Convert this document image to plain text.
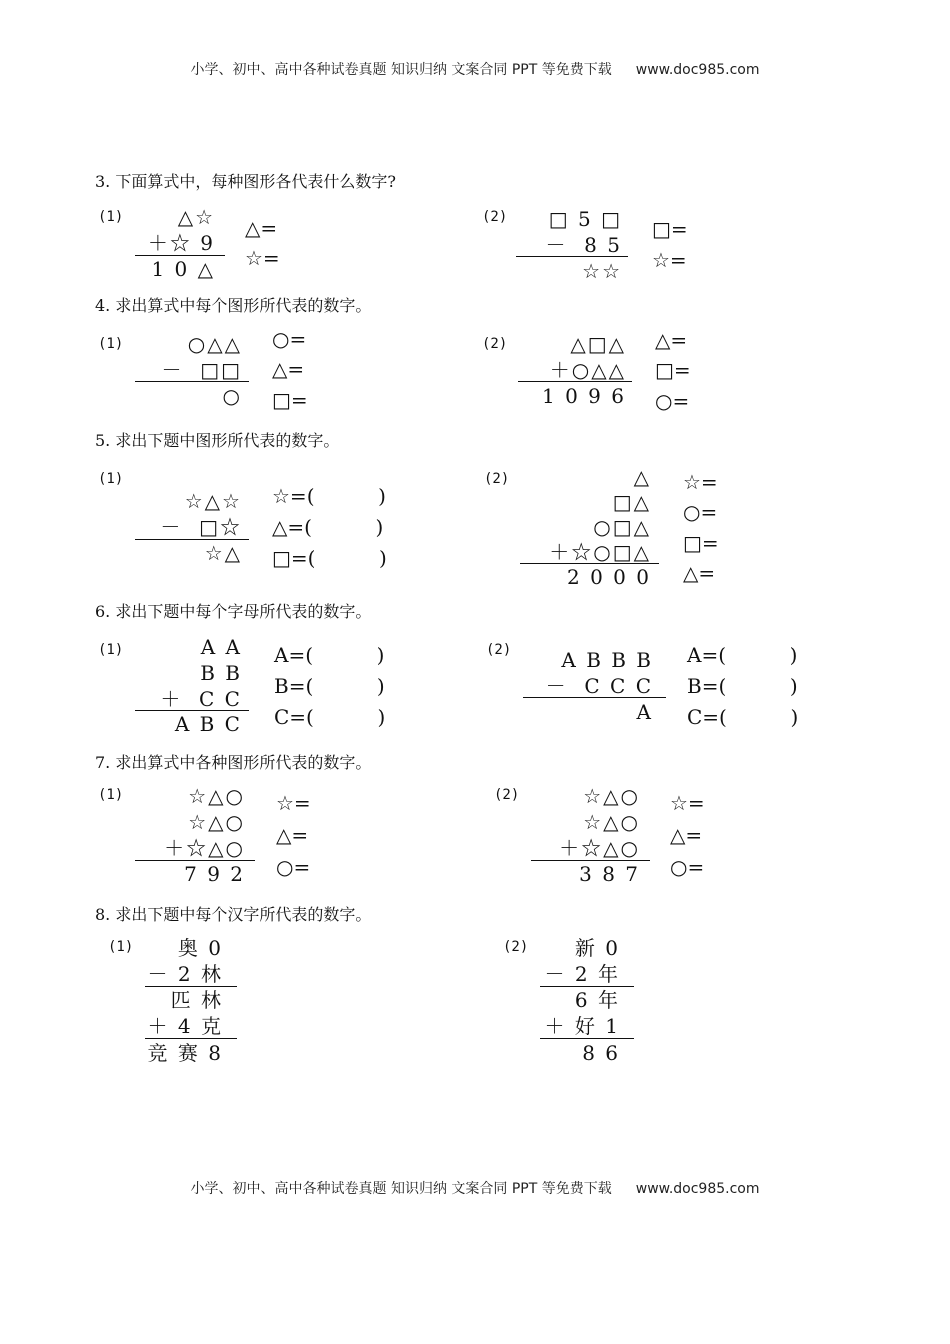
小学、初中、高中各种试卷真题 知识归纳 文案合同 PPT 等免费下载 www.doc985.com
3. 下面算式中，每种图形各代表什么数字?
(1)	△☆
＋☆ 9
1 0 △
△=
☆=
(2) □ 5 □
－  8 5
☆☆
□=
☆=
4. 求出算式中每个图形所代表的数字。
(1)	○△△
－  □□
○
○=
△=
□=
(2)	△□△
＋○△△
1 0 9 6
△=
□=
○=
5. 求出下题中图形所代表的数字。
(1)
☆△☆
－  □☆
☆△
☆=(          )
△=(          )
□=(          )
(2)	△
□△
○□△
＋☆○□△
2 0 0 0
☆=
○=
□=
△=
6. 求出下题中每个字母所代表的数字。
(1)	A A
B B
＋  C C
A B C
A=(          )
B=(          )
C=(          )
(2)	A B B B
－  C C C
A
A=(          )
B=(          )
C=(          )
7. 求出算式中各种图形所代表的数字。
(1)	☆△○
☆△○
＋☆△○
7 9 2
☆=
△=
○=
(2)	☆△○
☆△○
＋☆△○
3 8 7
☆=
△=
○=
8. 求出下题中每个汉字所代表的数字。
(1) 奥 0
－ 2 林
匹 林
＋ 4 克
竞 赛 8
(2) 新 0
－ 2 年
6 年
＋ 好 1
8 6
小学、初中、高中各种试卷真题 知识归纳 文案合同 PPT 等免费下载 www.doc985.com
